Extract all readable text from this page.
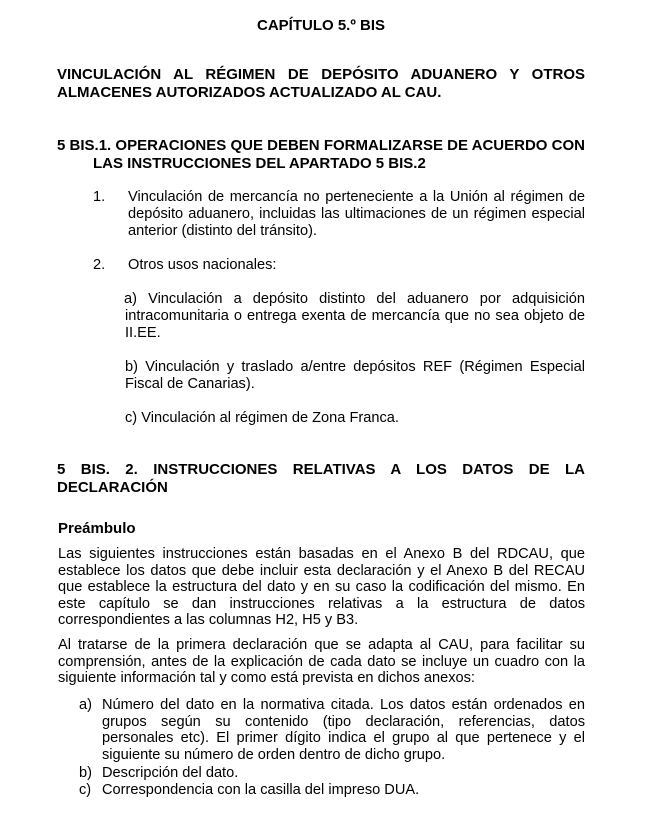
CAPÍTULO 5.º BIS
VINCULACIÓN AL RÉGIMEN DE DEPÓSITO ADUANERO Y OTROS
ALMACENES AUTORIZADOS ACTUALIZADO AL CAU.
5 BIS.1. OPERACIONES QUE DEBEN FORMALIZARSE DE ACUERDO CON
LAS INSTRUCCIONES DEL APARTADO 5 BIS.2
1. Vinculación de mercancía no perteneciente a la Unión al régimen de depósito aduanero, incluidas las ultimaciones de un régimen especial anterior (distinto del tránsito).
2. Otros usos nacionales:
a) Vinculación a depósito distinto del aduanero por adquisición intracomunitaria o entrega exenta de mercancía que no sea objeto de II.EE.
b) Vinculación y traslado a/entre depósitos REF (Régimen Especial Fiscal de Canarias).
c) Vinculación al régimen de Zona Franca.
5 BIS. 2. INSTRUCCIONES RELATIVAS A LOS DATOS DE LA
DECLARACIÓN
Preámbulo

Las siguientes instrucciones están basadas en el Anexo B del RDCAU, que establece los datos que debe incluir esta declaración y el Anexo B del RECAU que establece la estructura del dato y en su caso la codificación del mismo. En este capítulo se dan instrucciones relativas a la estructura de datos correspondientes a las columnas H2, H5 y B3.

Al tratarse de la primera declaración que se adapta al CAU, para facilitar su comprensión, antes de la explicación de cada dato se incluye un cuadro con la siguiente información tal y como está prevista en dichos anexos:

a) Número del dato en la normativa citada. Los datos están ordenados en grupos según su contenido (tipo declaración, referencias, datos personales etc). El primer dígito indica el grupo al que pertenece y el siguiente su número de orden dentro de dicho grupo.
b) Descripción del dato.
c) Correspondencia con la casilla del impreso DUA.
